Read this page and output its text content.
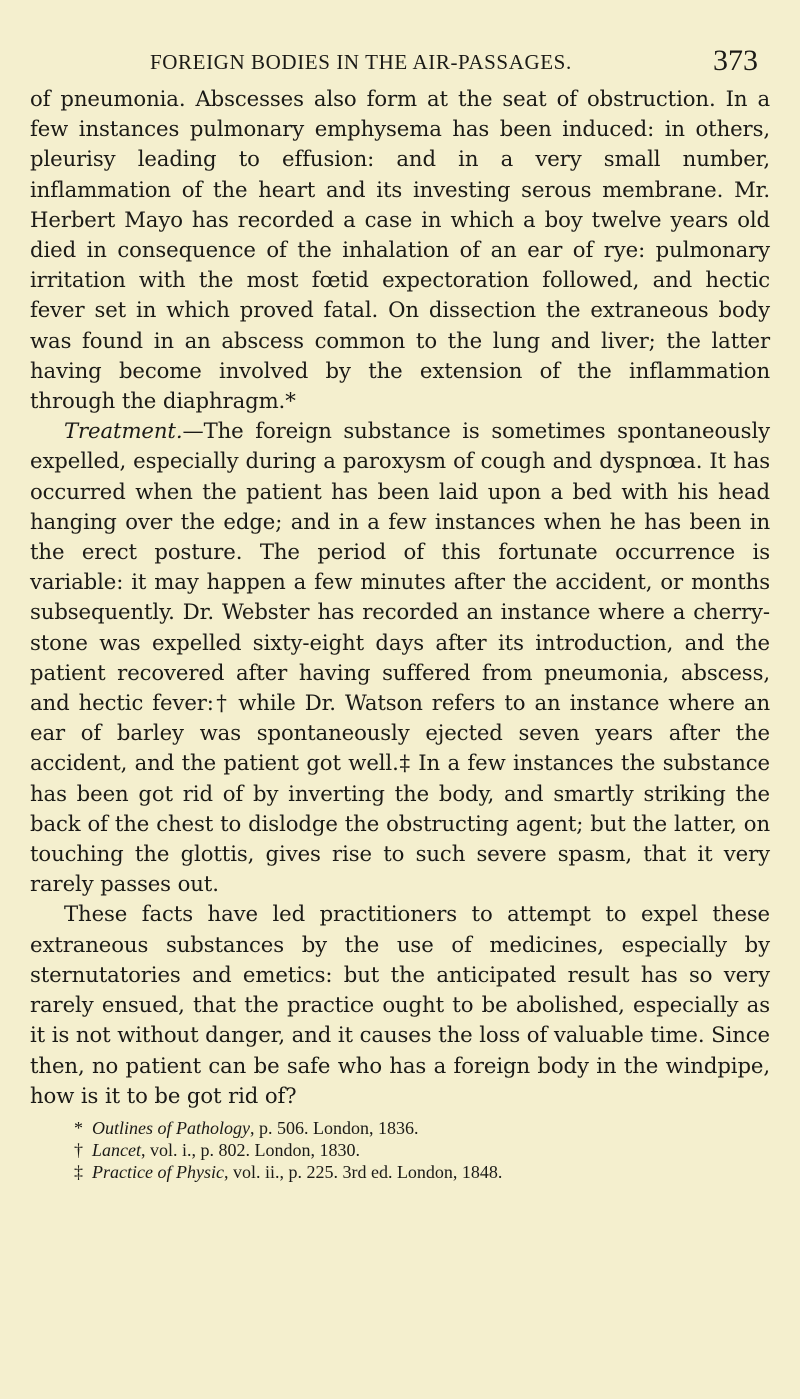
FOREIGN BODIES IN THE AIR-PASSAGES.	373

of pneumonia. Abscesses also form at the seat of obstruction. In a few instances pulmonary emphysema has been induced: in others, pleurisy leading to effusion: and in a very small number, inflammation of the heart and its investing serous membrane. Mr. Herbert Mayo has recorded a case in which a boy twelve years old died in consequence of the inhalation of an ear of rye: pulmonary irritation with the most fœtid expectoration followed, and hectic fever set in which proved fatal. On dissection the extraneous body was found in an abscess common to the lung and liver; the latter having become involved by the extension of the inflammation through the diaphragm.*

Treatment.—The foreign substance is sometimes spontaneously expelled, especially during a paroxysm of cough and dyspnœa. It has occurred when the patient has been laid upon a bed with his head hanging over the edge; and in a few instances when he has been in the erect posture. The period of this fortunate occurrence is variable: it may happen a few minutes after the accident, or months subsequently. Dr. Webster has recorded an instance where a cherry-stone was expelled sixty-eight days after its introduction, and the patient recovered after having suffered from pneumonia, abscess, and hectic fever:† while Dr. Watson refers to an instance where an ear of barley was spontaneously ejected seven years after the accident, and the patient got well.‡ In a few instances the substance has been got rid of by inverting the body, and smartly striking the back of the chest to dislodge the obstructing agent; but the latter, on touching the glottis, gives rise to such severe spasm, that it very rarely passes out.

These facts have led practitioners to attempt to expel these extraneous substances by the use of medicines, especially by sternutatories and emetics: but the anticipated result has so very rarely ensued, that the practice ought to be abolished, especially as it is not without danger, and it causes the loss of valuable time. Since then, no patient can be safe who has a foreign body in the windpipe, how is it to be got rid of?

* Outlines of Pathology, p. 506. London, 1836.

† Lancet, vol. i., p. 802. London, 1830.

‡ Practice of Physic, vol. ii., p. 225. 3rd ed. London, 1848.
